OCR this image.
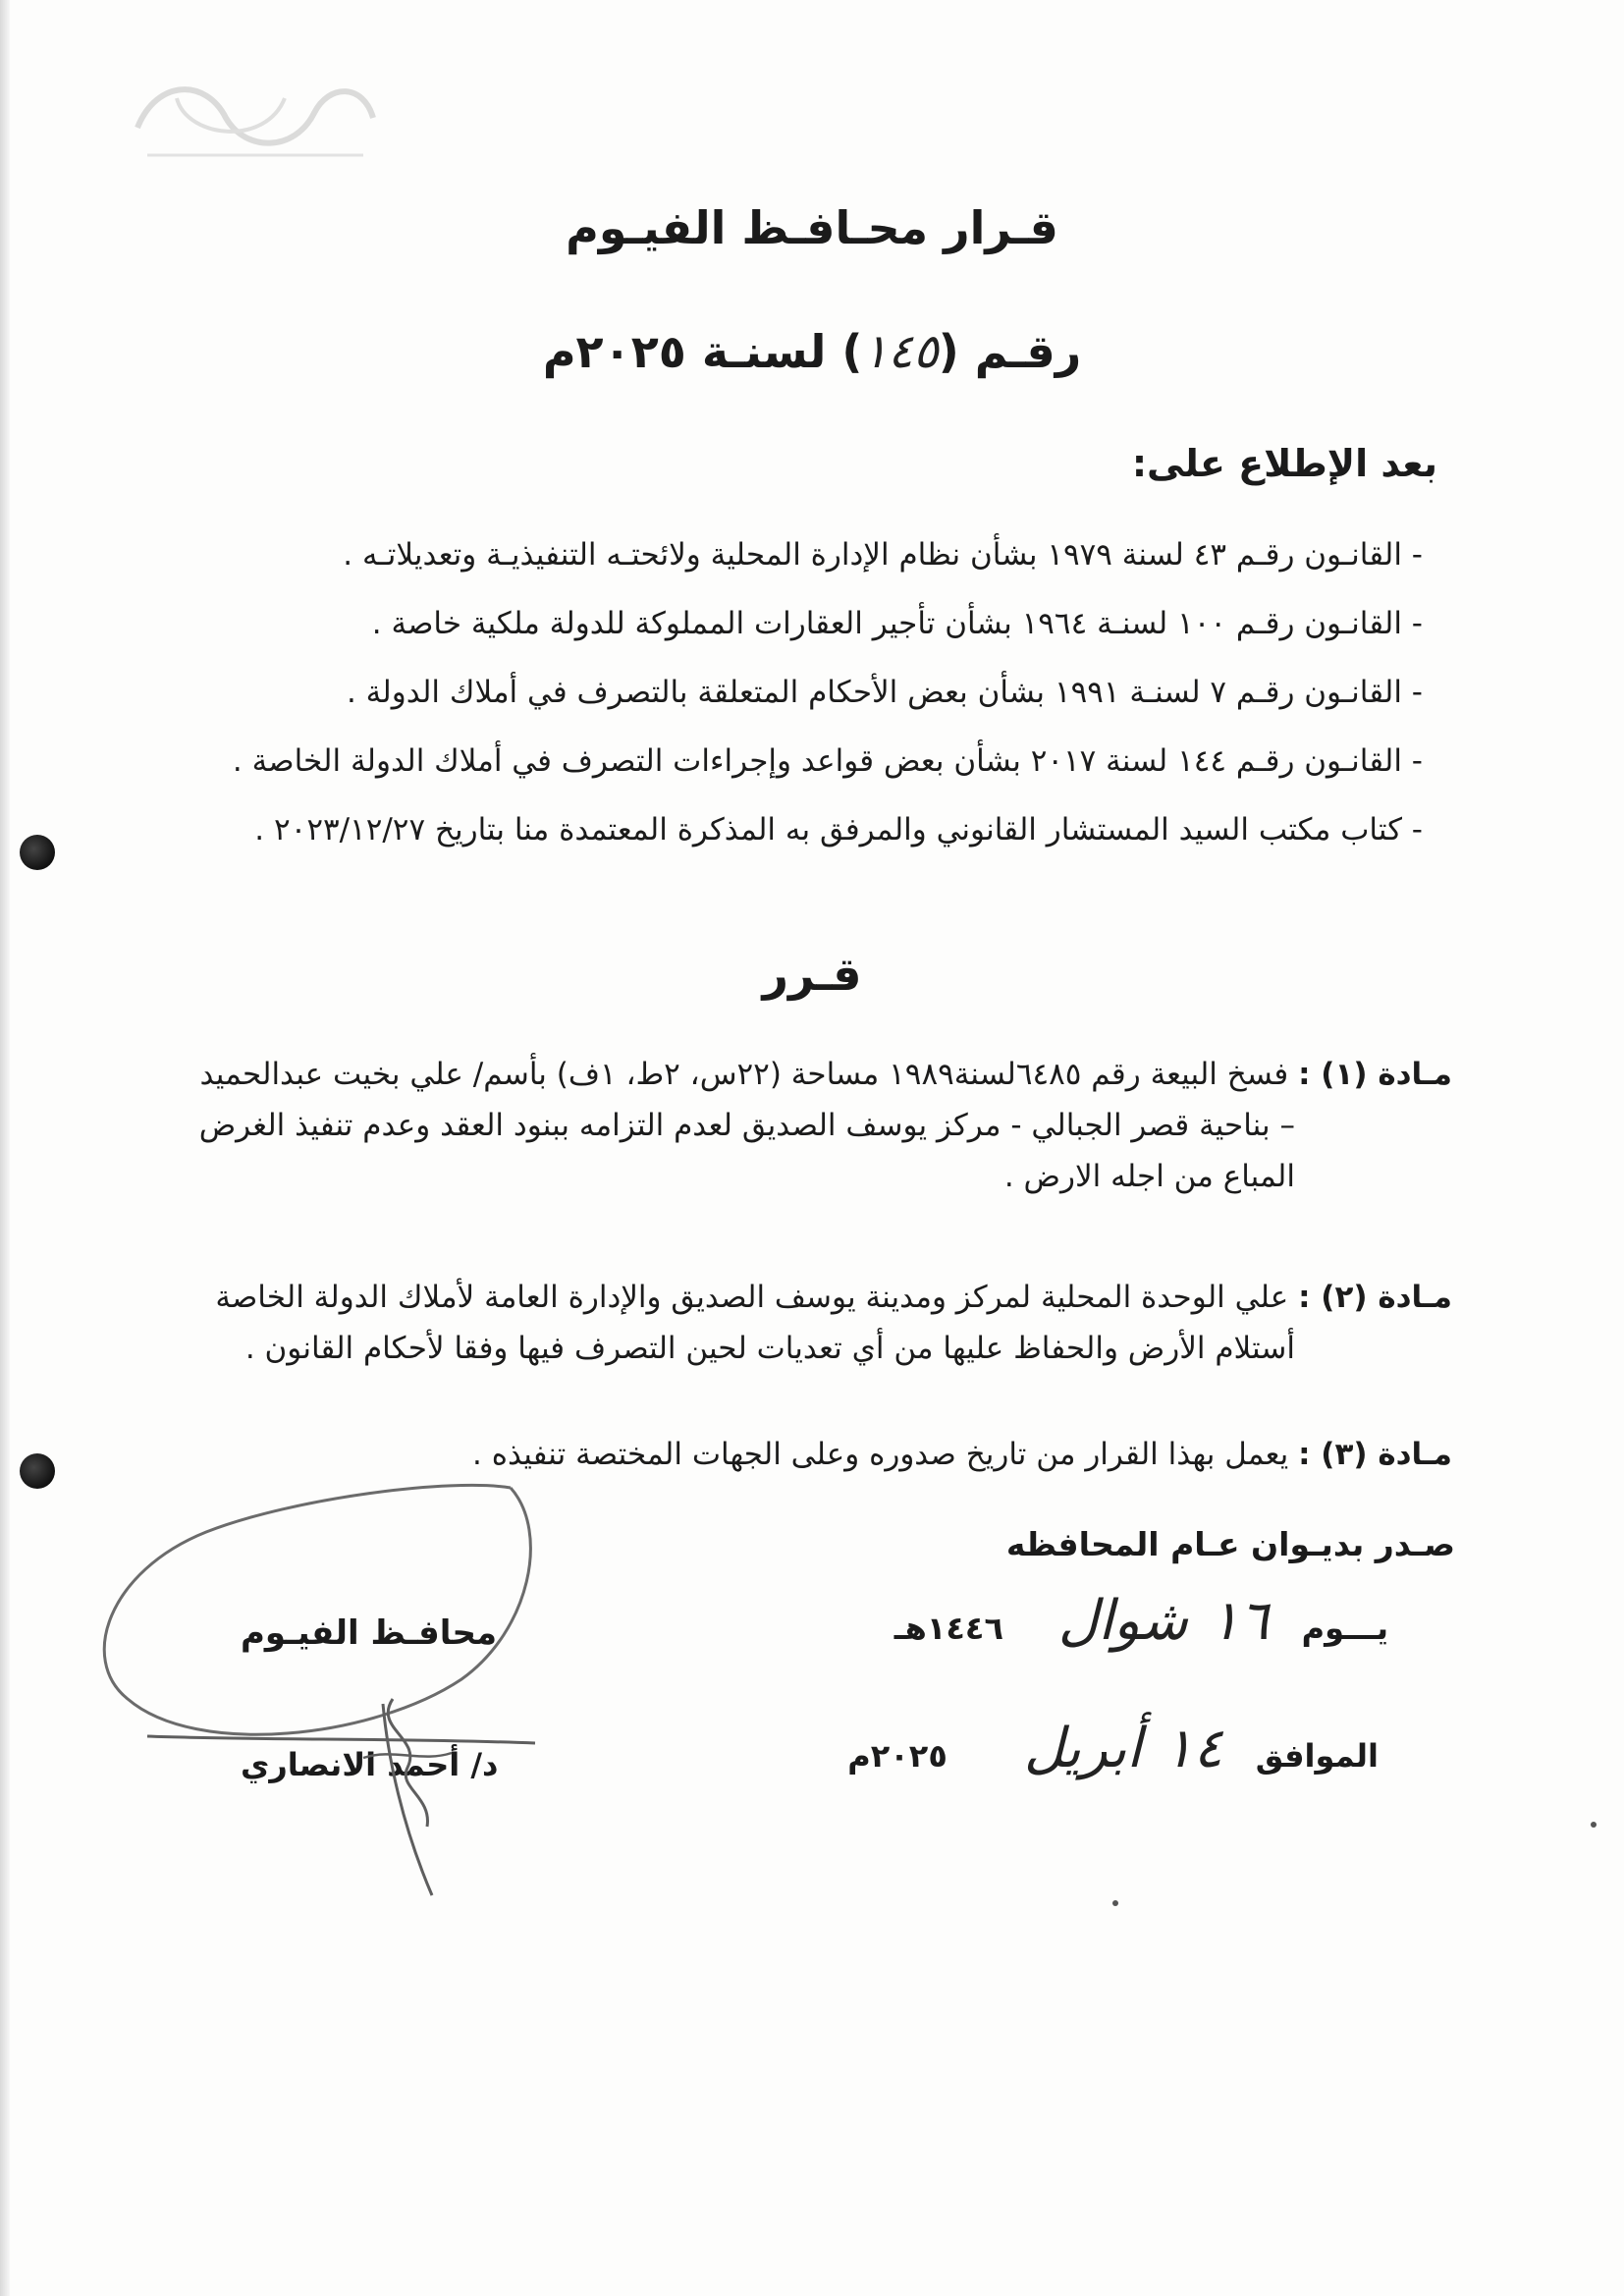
قـرار محـافـظ الفيـوم
رقـم (١٤٥) لسنـة ٢٠٢٥م
بعد الإطلاع على:
- القانـون رقـم ٤٣ لسنة ١٩٧٩ بشأن نظام الإدارة المحلية ولائحتـه التنفيذيـة وتعديلاتـه .
- القانـون رقـم ١٠٠ لسنـة ١٩٦٤ بشأن تأجير العقارات المملوكة للدولة ملكية خاصة .
- القانـون رقـم ٧ لسنـة ١٩٩١ بشأن بعض الأحكام المتعلقة بالتصرف في أملاك الدولة .
- القانـون رقـم ١٤٤ لسنة ٢٠١٧ بشأن بعض قواعد وإجراءات التصرف في أملاك الدولة الخاصة .
- كتاب مكتب السيد المستشار القانوني والمرفق به المذكرة المعتمدة منا بتاريخ ٢٠٢٣/١٢/٢٧ .
قـرر
مـادة (١) : فسخ البيعة رقم ٦٤٨٥لسنة١٩٨٩ مساحة (٢٢س، ٢ط، ١ف) بأسم/ علي بخيت عبدالحميد
– بناحية قصر الجبالي - مركز يوسف الصديق لعدم التزامه ببنود العقد وعدم تنفيذ الغرض
المباع من اجله الارض .
مـادة (٢) : علي الوحدة المحلية لمركز ومدينة يوسف الصديق والإدارة العامة لأملاك الدولة الخاصة
أستلام الأرض والحفاظ عليها من أي تعديات لحين التصرف فيها وفقا لأحكام القانون .
مـادة (٣) : يعمل بهذا القرار من تاريخ صدوره وعلى الجهات المختصة تنفيذه .
صـدر بديـوان عـام المحافظه
يـــوم   ١٦  شوال     ١٤٤٦هـ
الموافق   ١٤  أبريل       ٢٠٢٥م
محافـظ الفيـوم
د/ أحمد الانصاري
